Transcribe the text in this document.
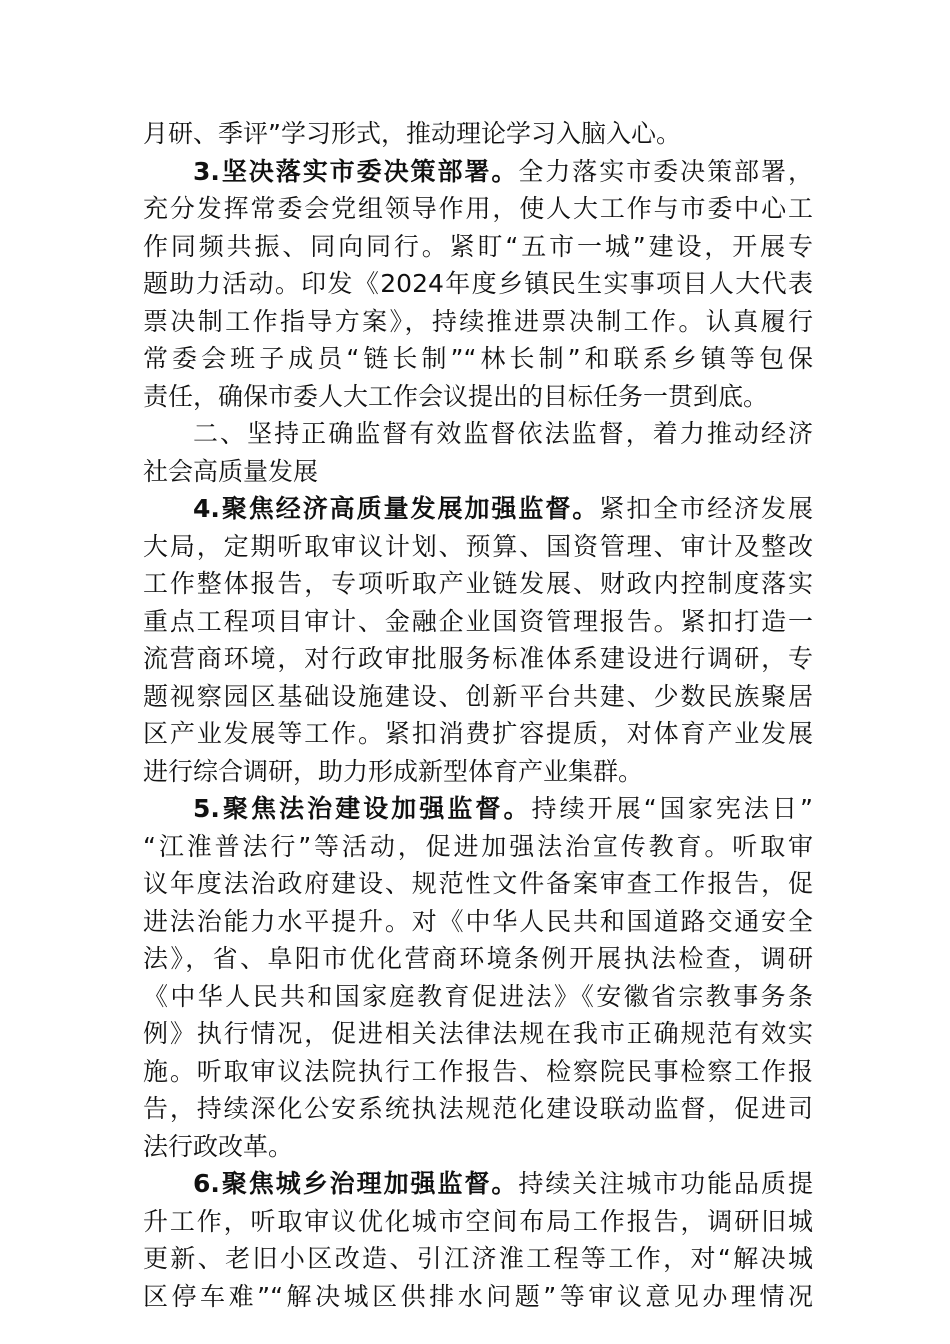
月研、季评”学习形式，推动理论学习入脑入心。
3.坚决落实市委决策部署。全力落实市委决策部署，
充分发挥常委会党组领导作用，使人大工作与市委中心工
作同频共振、同向同行。紧盯“五市一城”建设，开展专
题助力活动。印发《2024年度乡镇民生实事项目人大代表
票决制工作指导方案》，持续推进票决制工作。认真履行
常委会班子成员“链长制”“林长制”和联系乡镇等包保
责任，确保市委人大工作会议提出的目标任务一贯到底。
二、坚持正确监督有效监督依法监督，着力推动经济
社会高质量发展
4.聚焦经济高质量发展加强监督。紧扣全市经济发展
大局，定期听取审议计划、预算、国资管理、审计及整改
工作整体报告，专项听取产业链发展、财政内控制度落实
重点工程项目审计、金融企业国资管理报告。紧扣打造一
流营商环境，对行政审批服务标准体系建设进行调研，专
题视察园区基础设施建设、创新平台共建、少数民族聚居
区产业发展等工作。紧扣消费扩容提质，对体育产业发展
进行综合调研，助力形成新型体育产业集群。
5.聚焦法治建设加强监督。持续开展“国家宪法日”
“江淮普法行”等活动，促进加强法治宣传教育。听取审
议年度法治政府建设、规范性文件备案审查工作报告，促
进法治能力水平提升。对《中华人民共和国道路交通安全
法》，省、阜阳市优化营商环境条例开展执法检查，调研
《中华人民共和国家庭教育促进法》《安徽省宗教事务条
例》执行情况，促进相关法律法规在我市正确规范有效实
施。听取审议法院执行工作报告、检察院民事检察工作报
告，持续深化公安系统执法规范化建设联动监督，促进司
法行政改革。
6.聚焦城乡治理加强监督。持续关注城市功能品质提
升工作，听取审议优化城市空间布局工作报告，调研旧城
更新、老旧小区改造、引江济淮工程等工作，对“解决城
区停车难”“解决城区供排水问题”等审议意见办理情况
